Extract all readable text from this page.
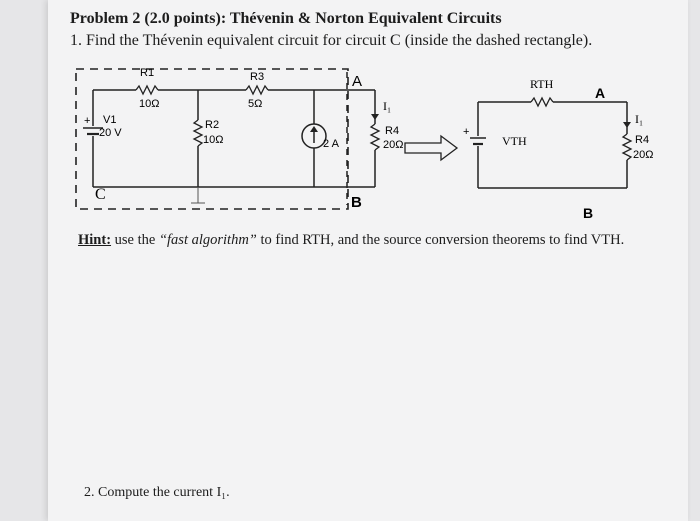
Problem 2 (2.0 points): Thévenin & Norton Equivalent Circuits
1. Find the Thévenin equivalent circuit for circuit C (inside the dashed rectangle).
R1
10Ω
R3
5Ω
+ V1
20 V
R2
10Ω	2 A
R4
20Ω
I₁
A
B
C
RTH
A
+
VTH
I₁
R4
20Ω
B
Hint: use the “fast algorithm” to find RTH, and the source conversion theorems to find VTH.
2. Compute the current I₁.
